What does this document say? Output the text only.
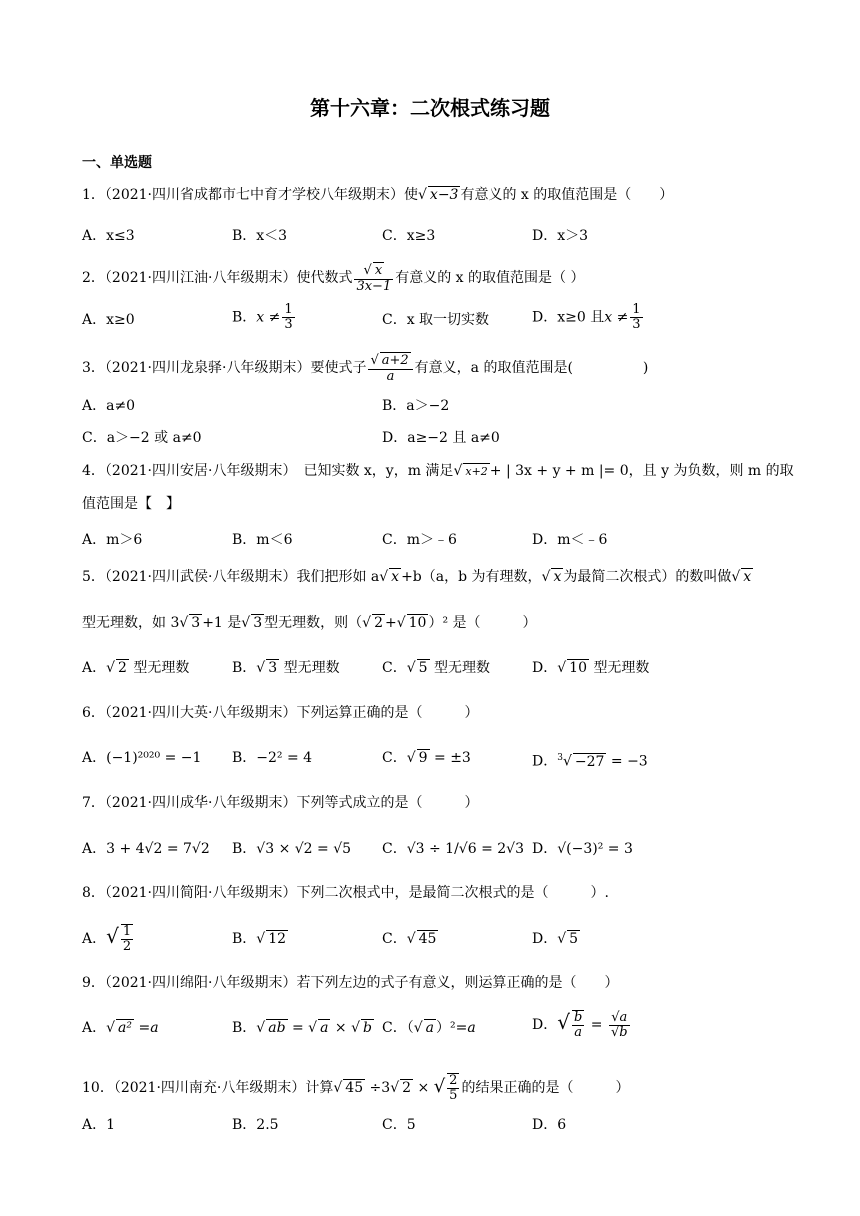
第十六章：二次根式练习题
一、单选题
1．（2021·四川省成都市七中育才学校八年级期末）使√ x−3 有意义的 x 的取值范围是（　　）
A．x≤3	B．x＜3	C．x≥3	D．x＞3
2．（2021·四川江油·八年级期末）使代数式 $\frac{√ x}{3x-1}$ 有意义的 x 的取值范围是（ ）
A．x≥0	B．$x \ne \frac{1}{3}$	C．x 取一切实数	D．x≥0 且$x \ne \frac{1}{3}$
3．（2021·四川龙泉驿·八年级期末）要使式子 $\frac{√ a+2}{a}$ 有意义，a 的取值范围是(　　　　　)
A．a≠0	B．a＞−2
C．a＞−2 或 a≠0	D．a≥−2 且 a≠0
4．（2021·四川安居·八年级期末）　已知实数 x，y，m 满足√ x+2 + | 3x + y + m |= 0，且 y 为负数，则 m 的取
值范围是【　】
A．m＞6	B．m＜6	C．m＞﹣6	D．m＜﹣6
5．（2021·四川武侯·八年级期末）我们把形如 a√ x +b（a，b 为有理数，√ x 为最简二次根式）的数叫做√ x
型无理数，如 3√ 3 +1 是√ 3 型无理数，则（√ 2 +√ 10 ）² 是（　　　）
A．√ 2 型无理数	B．√ 3 型无理数	C．√ 5 型无理数	D．√ 10 型无理数
6．（2021·四川大英·八年级期末）下列运算正确的是（　　　）
A．(−1)²⁰²⁰ = −1 B．−2² = 4	C．√ 9 = ±3	D．$^3$√ −27 = −3
7．（2021·四川成华·八年级期末）下列等式成立的是（　　　）
A．3 + 4√2 = 7√2 B．√3 × √2 = √5 C．√3 ÷ 1/√6 = 2√3 D．√(−3)² = 3
8．（2021·四川简阳·八年级期末）下列二次根式中，是最简二次根式的是（　　　）.
A．√ $\frac{1}{2}$	B．√ 12	C．√ 45	D．√ 5
9．（2021·四川绵阳·八年级期末）若下列左边的式子有意义，则运算正确的是（　　）
A．√ a² =a	B．√ ab = √ a × √ b C．（√ a ）²=a	D．√ $\frac{b}{a} = \frac{√a}{√b}$
10．（2021·四川南充·八年级期末）计算√ 45 ÷3√ 2 × √ $\frac{2}{5}$ 的结果正确的是（　　　）
A．1	B．2.5	C．5	D．6
